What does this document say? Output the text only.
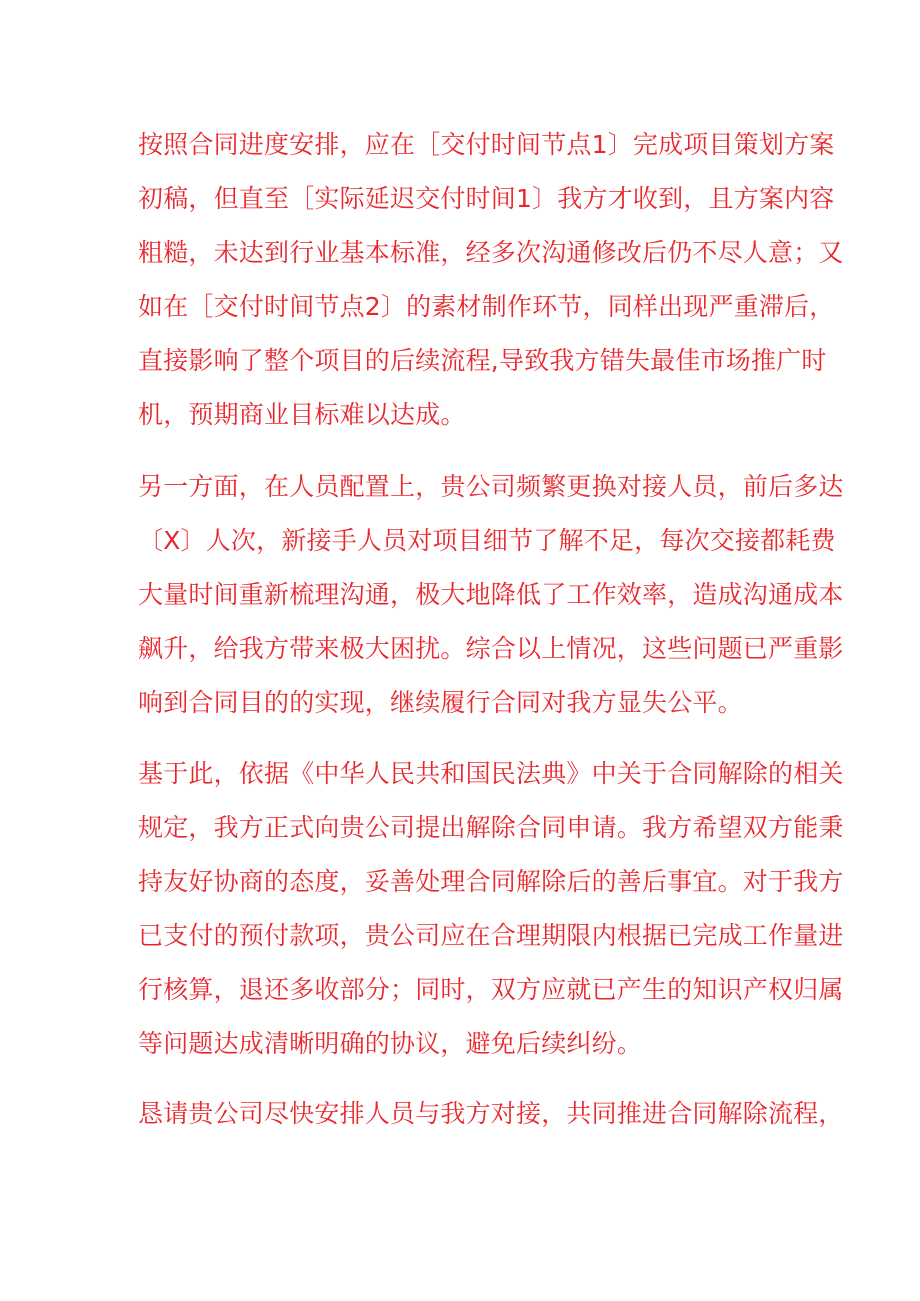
按照合同进度安排，应在［交付时间节点1〕完成项目策划方案
初稿，但直至［实际延迟交付时间1〕我方才收到，且方案内容
粗糙，未达到行业基本标准，经多次沟通修改后仍不尽人意；又
如在［交付时间节点2〕的素材制作环节，同样出现严重滞后，
直接影响了整个项目的后续流程,导致我方错失最佳市场推广时
机，预期商业目标难以达成。
另一方面，在人员配置上，贵公司频繁更换对接人员，前后多达
〔X〕人次，新接手人员对项目细节了解不足，每次交接都耗费
大量时间重新梳理沟通，极大地降低了工作效率，造成沟通成本
飙升，给我方带来极大困扰。综合以上情况，这些问题已严重影
响到合同目的的实现，继续履行合同对我方显失公平。
基于此，依据《中华人民共和国民法典》中关于合同解除的相关
规定，我方正式向贵公司提出解除合同申请。我方希望双方能秉
持友好协商的态度，妥善处理合同解除后的善后事宜。对于我方
已支付的预付款项，贵公司应在合理期限内根据已完成工作量进
行核算，退还多收部分；同时，双方应就已产生的知识产权归属
等问题达成清晰明确的协议，避免后续纠纷。
恳请贵公司尽快安排人员与我方对接，共同推进合同解除流程，
